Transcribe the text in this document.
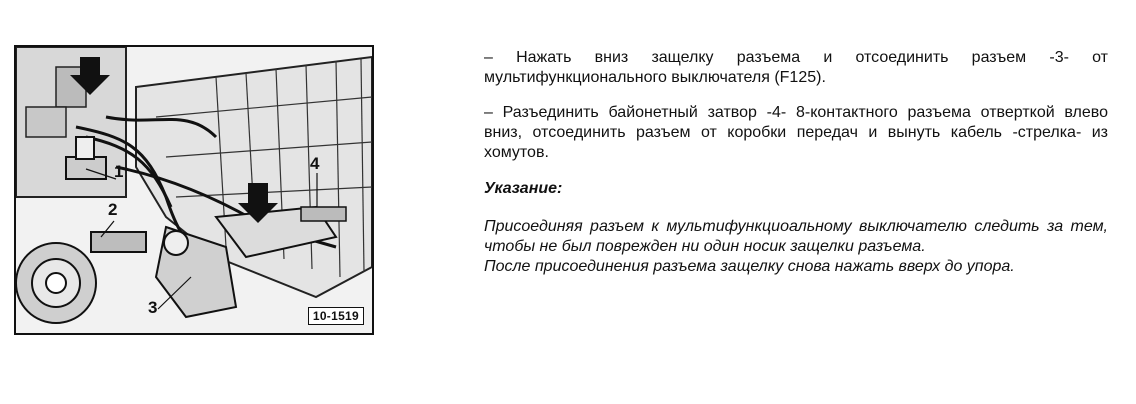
1
2
3
4
10-1519

– Нажать вниз защелку разъема и отсоединить разъем -3- от мультифункционального выключателя (F125).

– Разъединить байонетный затвор -4- 8-контактного разъема отверткой влево вниз, отсоединить разъем от коробки передач и вынуть кабель -стрелка- из хомутов.

Указание:

Присоединяя разъем к мультифункциоальному выключателю следить за тем, чтобы не был поврежден ни один носик защелки разъема.

После присоединения разъема защелку снова нажать вверх до упора.
